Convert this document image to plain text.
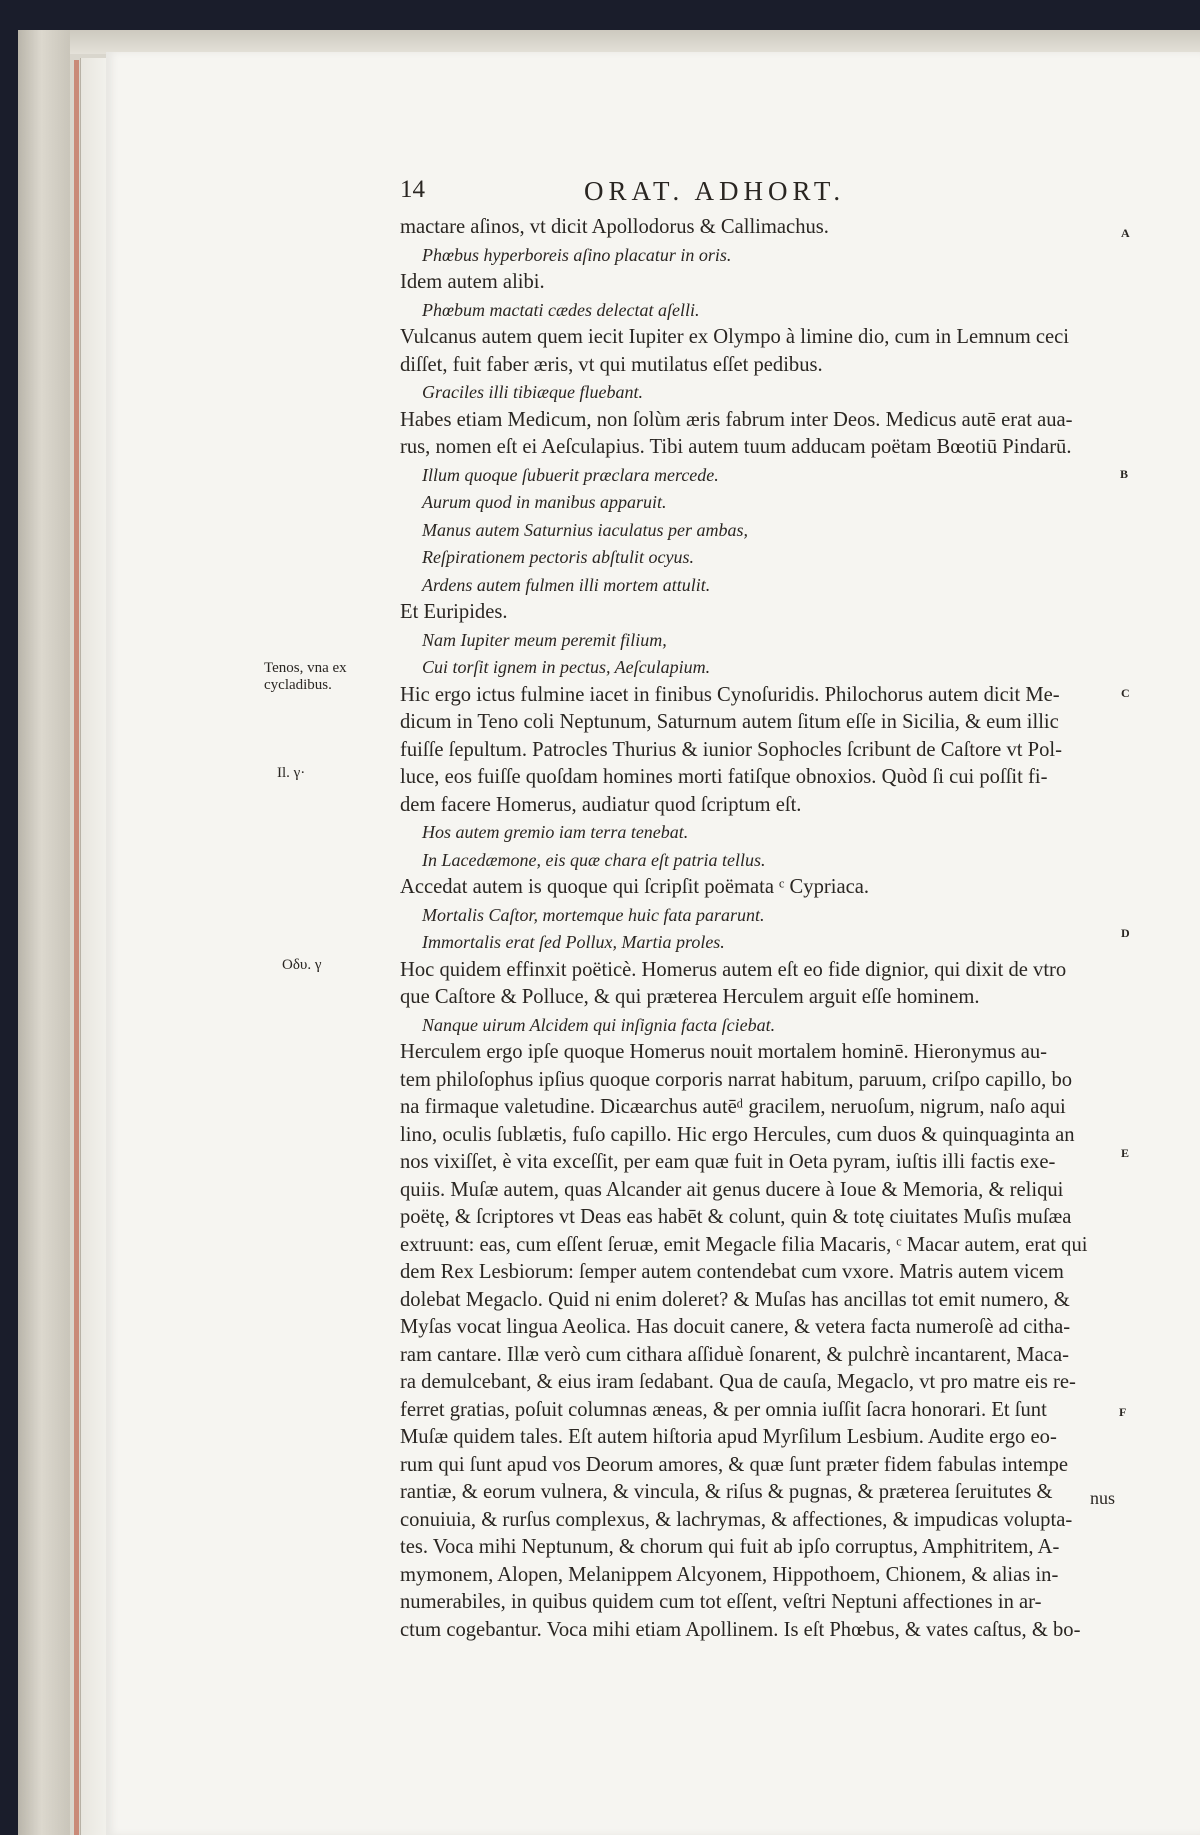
14	ORAT. ADHORT.
mactare aſinos, vt dicit Apollodorus & Callimachus.
Phœbus hyperboreis aſino placatur in oris.
Idem autem alibi.
Phœbum mactati cædes delectat aſelli.
Vulcanus autem quem iecit Iupiter ex Olympo à limine dio, cum in Lemnum ceci
diſſet, fuit faber æris, vt qui mutilatus eſſet pedibus.
Graciles illi tibiæque fluebant.
Habes etiam Medicum, non ſolùm æris fabrum inter Deos. Medicus autē erat aua-
rus, nomen eſt ei Aeſculapius. Tibi autem tuum adducam poëtam Bœotiū Pindarū.
Illum quoque ſubuerit præclara mercede.
Aurum quod in manibus apparuit.
Manus autem Saturnius iaculatus per ambas,
Reſpirationem pectoris abſtulit ocyus.
Ardens autem fulmen illi mortem attulit.
Et Euripides.
Nam Iupiter meum peremit filium,
Cui torſit ignem in pectus, Aeſculapium.
Hic ergo ictus fulmine iacet in finibus Cynoſuridis. Philochorus autem dicit Me-
dicum in Teno coli Neptunum, Saturnum autem ſitum eſſe in Sicilia, & eum illic
fuiſſe ſepultum. Patrocles Thurius & iunior Sophocles ſcribunt de Caſtore vt Pol-
luce, eos fuiſſe quoſdam homines morti fatiſque obnoxios. Quòd ſi cui poſſit fi-
dem facere Homerus, audiatur quod ſcriptum eſt.
Hos autem gremio iam terra tenebat.
In Lacedæmone, eis quæ chara eſt patria tellus.
Accedat autem is quoque qui ſcripſit poëmata ᶜ Cypriaca.
Mortalis Caſtor, mortemque huic fata pararunt.
Immortalis erat ſed Pollux, Martia proles.
Hoc quidem effinxit poëticè. Homerus autem eſt eo fide dignior, qui dixit de vtro
que Caſtore & Polluce, & qui præterea Herculem arguit eſſe hominem.
Nanque uirum Alcidem qui inſignia facta ſciebat.
Herculem ergo ipſe quoque Homerus nouit mortalem hominē. Hieronymus au-
tem philoſophus ipſius quoque corporis narrat habitum, paruum, criſpo capillo, bo
na firmaque valetudine. Dicæarchus autēᵈ gracilem, neruoſum, nigrum, naſo aqui
lino, oculis ſublætis, fuſo capillo. Hic ergo Hercules, cum duos & quinquaginta an
nos vixiſſet, è vita exceſſit, per eam quæ fuit in Oeta pyram, iuſtis illi factis exe-
quiis. Muſæ autem, quas Alcander ait genus ducere à Ioue & Memoria, & reliqui
poëtę, & ſcriptores vt Deas eas habēt & colunt, quin & totę ciuitates Muſis muſæa
extruunt: eas, cum eſſent ſeruæ, emit Megacle filia Macaris, ᶜ Macar autem, erat qui
dem Rex Lesbiorum: ſemper autem contendebat cum vxore. Matris autem vicem
dolebat Megaclo. Quid ni enim doleret? & Muſas has ancillas tot emit numero, &
Myſas vocat lingua Aeolica. Has docuit canere, & vetera facta numeroſè ad citha-
ram cantare. Illæ verò cum cithara aſſiduè ſonarent, & pulchrè incantarent, Maca-
ra demulcebant, & eius iram ſedabant. Qua de cauſa, Megaclo, vt pro matre eis re-
ferret gratias, poſuit columnas æneas, & per omnia iuſſit ſacra honorari. Et ſunt
Muſæ quidem tales. Eſt autem hiſtoria apud Myrſilum Lesbium. Audite ergo eo-
rum qui ſunt apud vos Deorum amores, & quæ ſunt præter fidem fabulas intempe
rantiæ, & eorum vulnera, & vincula, & riſus & pugnas, & præterea ſeruitutes &
conuiuia, & rurſus complexus, & lachrymas, & affectiones, & impudicas volupta-
tes. Voca mihi Neptunum, & chorum qui fuit ab ipſo corruptus, Amphitritem, A-
mymonem, Alopen, Melanippem Alcyonem, Hippothoem, Chionem, & alias in-
numerabiles, in quibus quidem cum tot eſſent, veſtri Neptuni affectiones in ar-
ctum cogebantur. Voca mihi etiam Apollinem. Is eſt Phœbus, & vates caſtus, & bo-
Tenos, vna ex cycladibus.
Il. γ·
Oδυ. γ
A
B
C
D
E
F
nus
